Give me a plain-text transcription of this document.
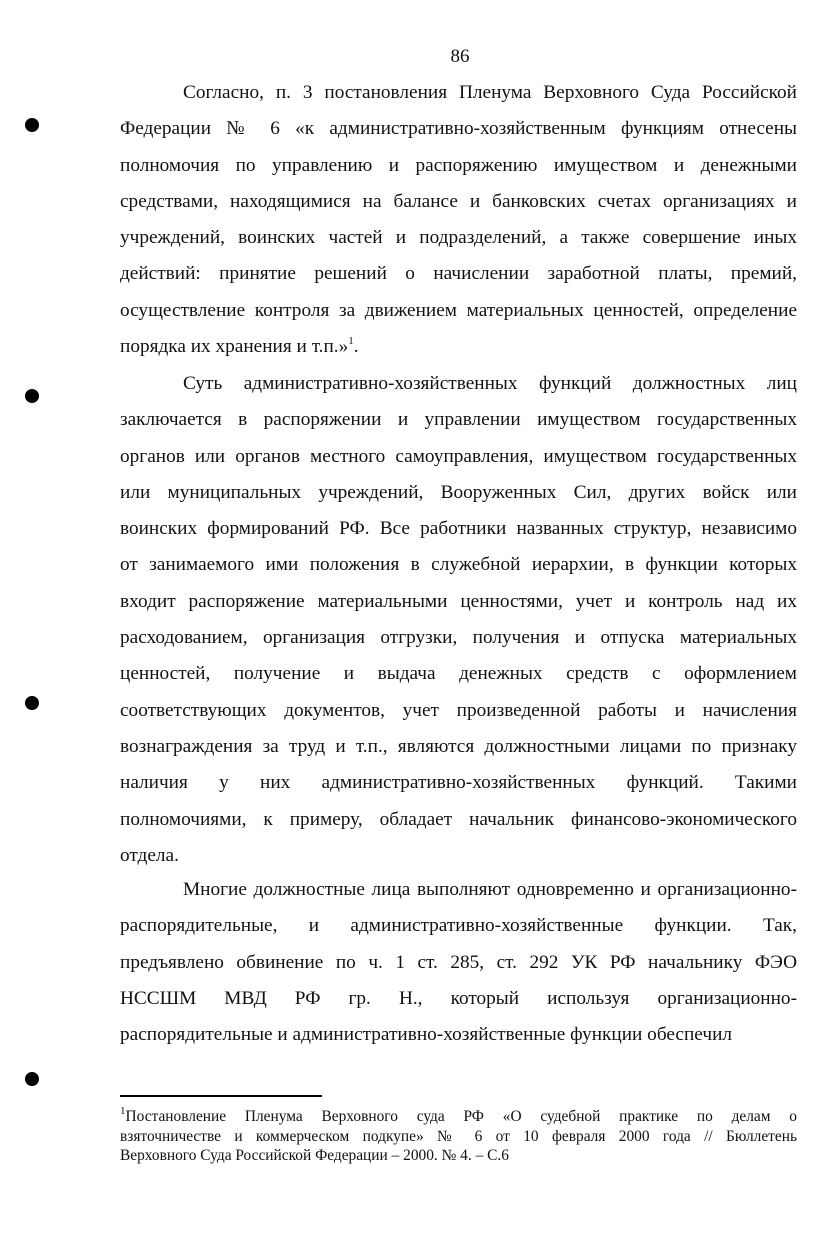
86
Согласно, п. 3 постановления Пленума Верховного Суда Российской
Федерации № 6 «к административно-хозяйственным функциям отнесены
полномочия по управлению и распоряжению имуществом и денежными
средствами, находящимися на балансе и банковских счетах организациях и
учреждений, воинских частей и подразделений, а также совершение иных
действий: принятие решений о начислении заработной платы, премий,
осуществление контроля за движением материальных ценностей, определение
порядка их хранения и т.п.»$^1$.
Суть административно-хозяйственных функций должностных лиц
заключается в распоряжении и управлении имуществом государственных
органов или органов местного самоуправления, имуществом государственных
или муниципальных учреждений, Вооруженных Сил, других войск или
воинских формирований РФ. Все работники названных структур, независимо
от занимаемого ими положения в служебной иерархии, в функции которых
входит распоряжение материальными ценностями, учет и контроль над их
расходованием, организация отгрузки, получения и отпуска материальных
ценностей, получение и выдача денежных средств с оформлением
соответствующих документов, учет произведенной работы и начисления
вознаграждения за труд и т.п., являются должностными лицами по признаку
наличия у них административно-хозяйственных функций. Такими
полномочиями, к примеру, обладает начальник финансово-экономического
отдела.
Многие должностные лица выполняют одновременно и организационно-
распорядительные, и административно-хозяйственные функции. Так,
предъявлено обвинение по ч. 1 ст. 285, ст. 292 УК РФ начальнику ФЭО
НССШМ МВД РФ гр. Н., который используя организационно-
распорядительные и административно-хозяйственные функции обеспечил
$^1$Постановление Пленума Верховного суда РФ «О судебной практике по делам о
взяточничестве и коммерческом подкупе» № 6 от 10 февраля 2000 года // Бюллетень
Верховного Суда Российской Федерации – 2000. № 4. – С.6
